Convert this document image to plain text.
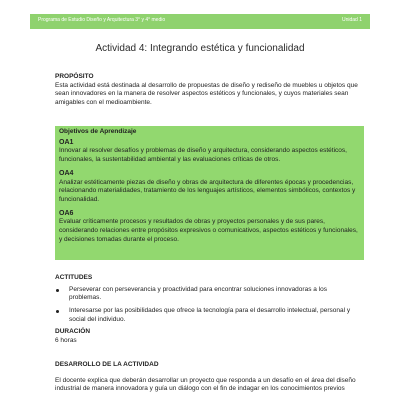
Programa de Estudio Diseño y Arquitectura 3° y 4° medio	Unidad 1
Actividad 4: Integrando estética y funcionalidad
PROPÓSITO

Esta actividad está destinada al desarrollo de propuestas de diseño y rediseño de muebles u objetos que sean innovadores en la manera de resolver aspectos estéticos y funcionales, y cuyos materiales sean amigables con el medioambiente.

Objetivos de Aprendizaje
OA1
Innovar al resolver desafíos y problemas de diseño y arquitectura, considerando aspectos estéticos, funcionales, la sustentabilidad ambiental y las evaluaciones críticas de otros.
OA4
Analizar estéticamente piezas de diseño y obras de arquitectura de diferentes épocas y procedencias, relacionando materialidades, tratamiento de los lenguajes artísticos, elementos simbólicos, contextos y funcionalidad.
OA6
Evaluar críticamente procesos y resultados de obras y proyectos personales y de sus pares, considerando relaciones entre propósitos expresivos o comunicativos, aspectos estéticos y funcionales, y decisiones tomadas durante el proceso.
ACTITUDES
Perseverar con perseverancia y proactividad para encontrar soluciones innovadoras a los problemas.
Interesarse por las posibilidades que ofrece la tecnología para el desarrollo intelectual, personal y social del individuo.
DURACIÓN
6 horas
DESARROLLO DE LA ACTIVIDAD

El docente explica que deberán desarrollar un proyecto que responda a un desafío en el área del diseño industrial de manera innovadora y guía un diálogo con el fin de indagar en los conocimientos previos
